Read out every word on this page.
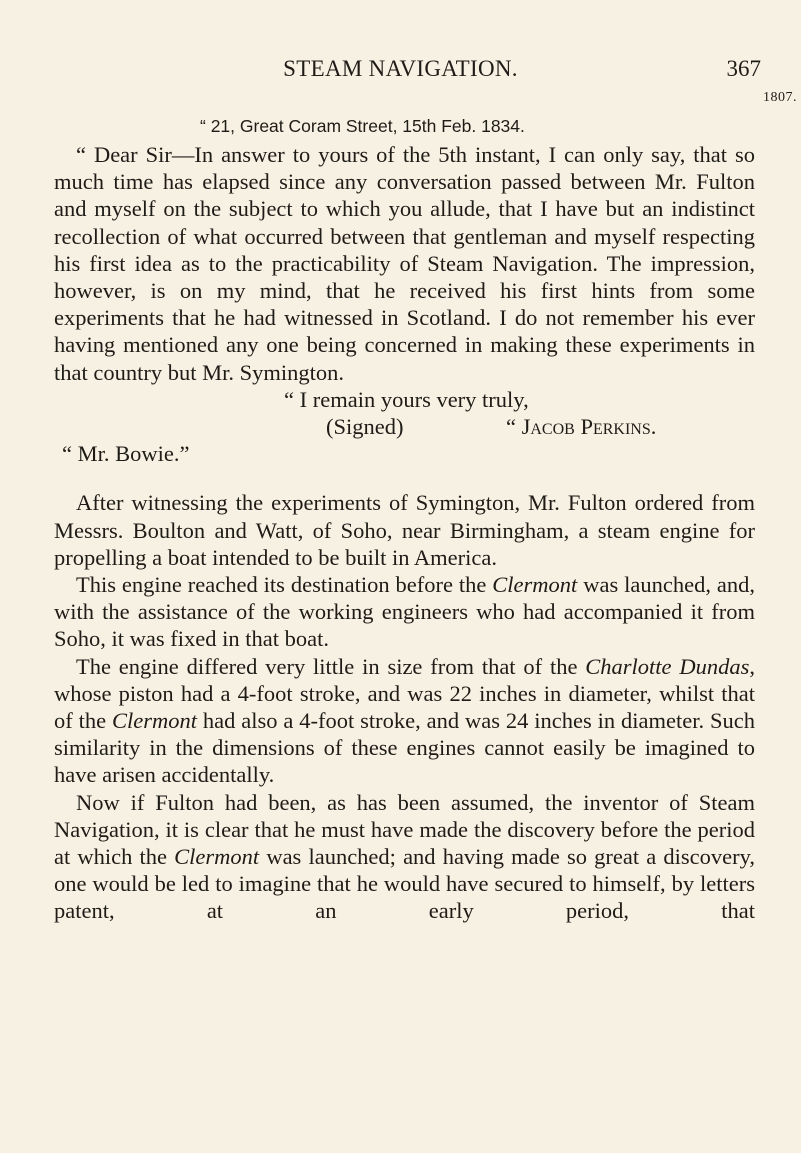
STEAM NAVIGATION.	367
1807.
“ 21, Great Coram Street, 15th Feb. 1834.

“ Dear Sir—In answer to yours of the 5th instant, I can only say, that so much time has elapsed since any conversation passed between Mr. Fulton and myself on the subject to which you allude, that I have but an indistinct recollection of what occurred between that gentleman and myself respecting his first idea as to the practicability of Steam Navigation. The impression, however, is on my mind, that he received his first hints from some experiments that he had witnessed in Scotland. I do not remember his ever having mentioned any one being concerned in making these experiments in that country but Mr. Symington.

“ I remain yours very truly,

(Signed)	“ Jacob Perkins.

“ Mr. Bowie.”

After witnessing the experiments of Symington, Mr. Fulton ordered from Messrs. Boulton and Watt, of Soho, near Birmingham, a steam engine for propelling a boat intended to be built in America.

This engine reached its destination before the Clermont was launched, and, with the assistance of the working engineers who had accompanied it from Soho, it was fixed in that boat.

The engine differed very little in size from that of the Charlotte Dundas, whose piston had a 4-foot stroke, and was 22 inches in diameter, whilst that of the Clermont had also a 4-foot stroke, and was 24 inches in diameter. Such similarity in the dimensions of these engines cannot easily be imagined to have arisen accidentally.

Now if Fulton had been, as has been assumed, the inventor of Steam Navigation, it is clear that he must have made the discovery before the period at which the Clermont was launched; and having made so great a discovery, one would be led to imagine that he would have secured to himself, by letters patent, at an early period, that
